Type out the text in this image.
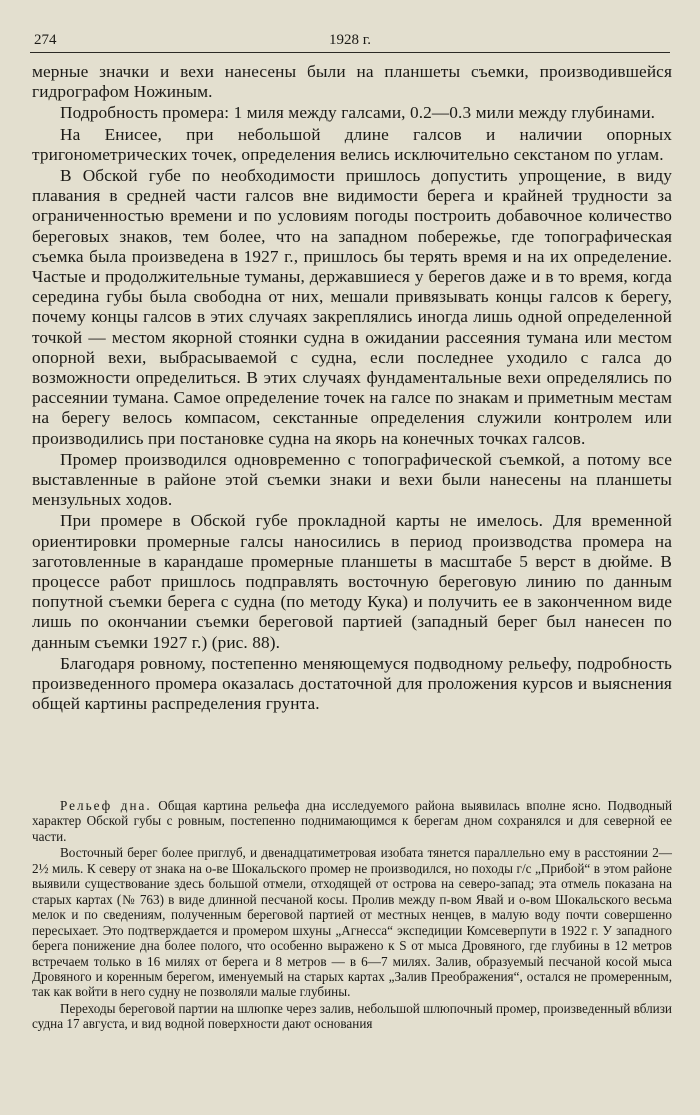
274	1928 г.

мерные значки и вехи нанесены были на планшеты съемки, производившейся гидрографом Ножиным.

Подробность промера: 1 миля между галсами, 0.2—0.3 мили между глубинами.

На Енисее, при небольшой длине галсов и наличии опорных тригонометрических точек, определения велись исключительно секстаном по углам.

В Обской губе по необходимости пришлось допустить упрощение, в виду плавания в средней части галсов вне видимости берега и крайней трудности за ограниченностью времени и по условиям погоды построить добавочное количество береговых знаков, тем более, что на западном побережье, где топографическая съемка была произведена в 1927 г., пришлось бы терять время и на их определение. Частые и продолжительные туманы, державшиеся у берегов даже и в то время, когда середина губы была свободна от них, мешали привязывать концы галсов к берегу, почему концы галсов в этих случаях закреплялись иногда лишь одной определенной точкой — местом якорной стоянки судна в ожидании рассеяния тумана или местом опорной вехи, выбрасываемой с судна, если последнее уходило с галса до возможности определиться. В этих случаях фундаментальные вехи определялись по рассеянии тумана. Самое определение точек на галсе по знакам и приметным местам на берегу велось компасом, секстанные определения служили контролем или производились при постановке судна на якорь на конечных точках галсов.

Промер производился одновременно с топографической съемкой, а потому все выставленные в районе этой съемки знаки и вехи были нанесены на планшеты мензульных ходов.

При промере в Обской губе прокладной карты не имелось. Для временной ориентировки промерные галсы наносились в период производства промера на заготовленные в карандаше промерные планшеты в масштабе 5 верст в дюйме. В процессе работ пришлось подправлять восточную береговую линию по данным попутной съемки берега с судна (по методу Кука) и получить ее в законченном виде лишь по окончании съемки береговой партией (западный берег был нанесен по данным съемки 1927 г.) (рис. 88).

Благодаря ровному, постепенно меняющемуся подводному рельефу, подробность произведенного промера оказалась достаточной для проложения курсов и выяснения общей картины распределения грунта.

Рельеф дна. Общая картина рельефа дна исследуемого района выявилась вполне ясно. Подводный характер Обской губы с ровным, постепенно поднимающимся к берегам дном сохранялся и для северной ее части.

Восточный берег более приглуб, и двенадцатиметровая изобата тянется параллельно ему в расстоянии 2—2½ миль. К северу от знака на о-ве Шокальского промер не производился, но походы г/с „Прибой“ в этом районе выявили существование здесь большой отмели, отходящей от острова на северо-запад; эта отмель показана на старых картах (№ 763) в виде длинной песчаной косы. Пролив между п-вом Явай и о-вом Шокальского весьма мелок и по сведениям, полученным береговой партией от местных ненцев, в малую воду почти совершенно пересыхает. Это подтверждается и промером шхуны „Агнесса“ экспедиции Комсеверпути в 1922 г. У западного берега понижение дна более полого, что особенно выражено к S от мыса Дровяного, где глубины в 12 метров встречаем только в 16 милях от берега и 8 метров — в 6—7 милях. Залив, образуемый песчаной косой мыса Дровяного и коренным берегом, именуемый на старых картах „Залив Преображения“, остался не промеренным, так как войти в него судну не позволяли малые глубины.

Переходы береговой партии на шлюпке через залив, небольшой шлюпочный промер, произведенный вблизи судна 17 августа, и вид водной поверхности дают основания
